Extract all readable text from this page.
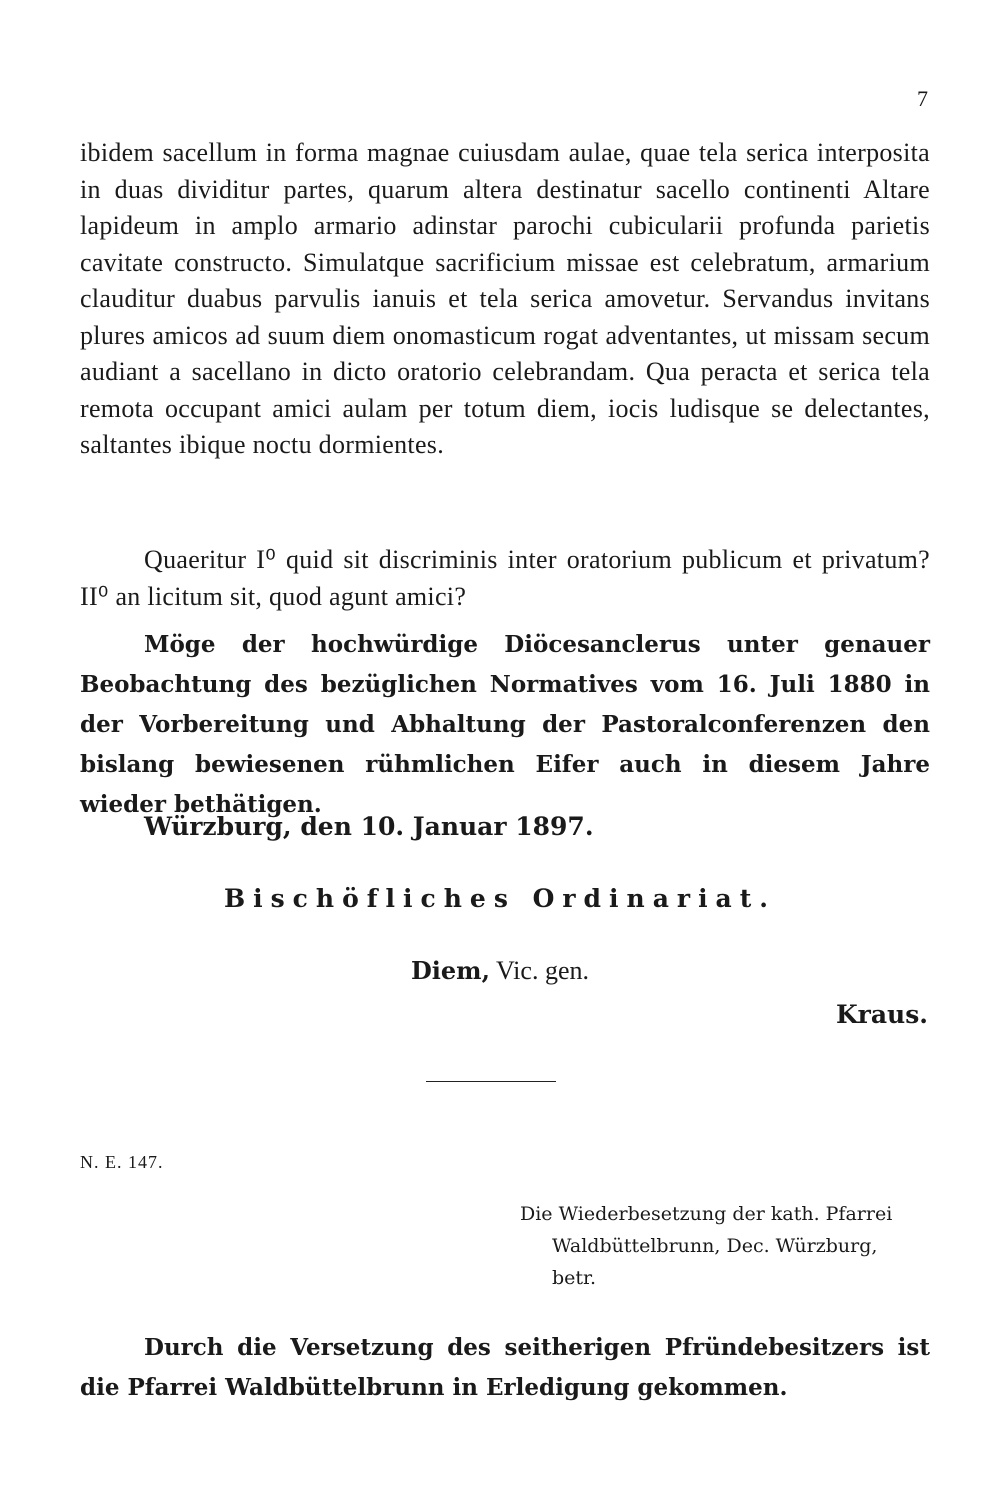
7

ibidem sacellum in forma magnae cuiusdam aulae, quae tela serica interposita in duas dividitur partes, quarum altera destinatur sacello continenti Altare lapideum in amplo armario adinstar parochi cubicularii profunda parietis cavitate constructo. Simulatque sacrificium missae est celebratum, armarium clauditur duabus parvulis ianuis et tela serica amovetur. Servandus invitans plures amicos ad suum diem onomasticum rogat adventantes, ut missam secum audiant a sacellano in dicto oratorio celebrandam. Qua peracta et serica tela remota occupant amici aulam per totum diem, iocis ludisque se delectantes, saltantes ibique noctu dormientes.

Quaeritur I⁰ quid sit discriminis inter oratorium publicum et privatum? II⁰ an licitum sit, quod agunt amici?

Möge der hochwürdige Diöcesanclerus unter genauer Beobachtung des bezüglichen Normatives vom 16. Juli 1880 in der Vorbereitung und Abhaltung der Pastoralconferenzen den bislang bewiesenen rühmlichen Eifer auch in diesem Jahre wieder bethätigen.

Würzburg, den 10. Januar 1897.
Bischöfliches Ordinariat.
Diem, Vic. gen.
Kraus.
N. E. 147.

Die Wiederbesetzung der kath. Pfarrei
Waldbüttelbrunn, Dec. Würzburg,
betr.

Durch die Versetzung des seitherigen Pfründebesitzers ist die Pfarrei Waldbüttelbrunn in Erledigung gekommen.
